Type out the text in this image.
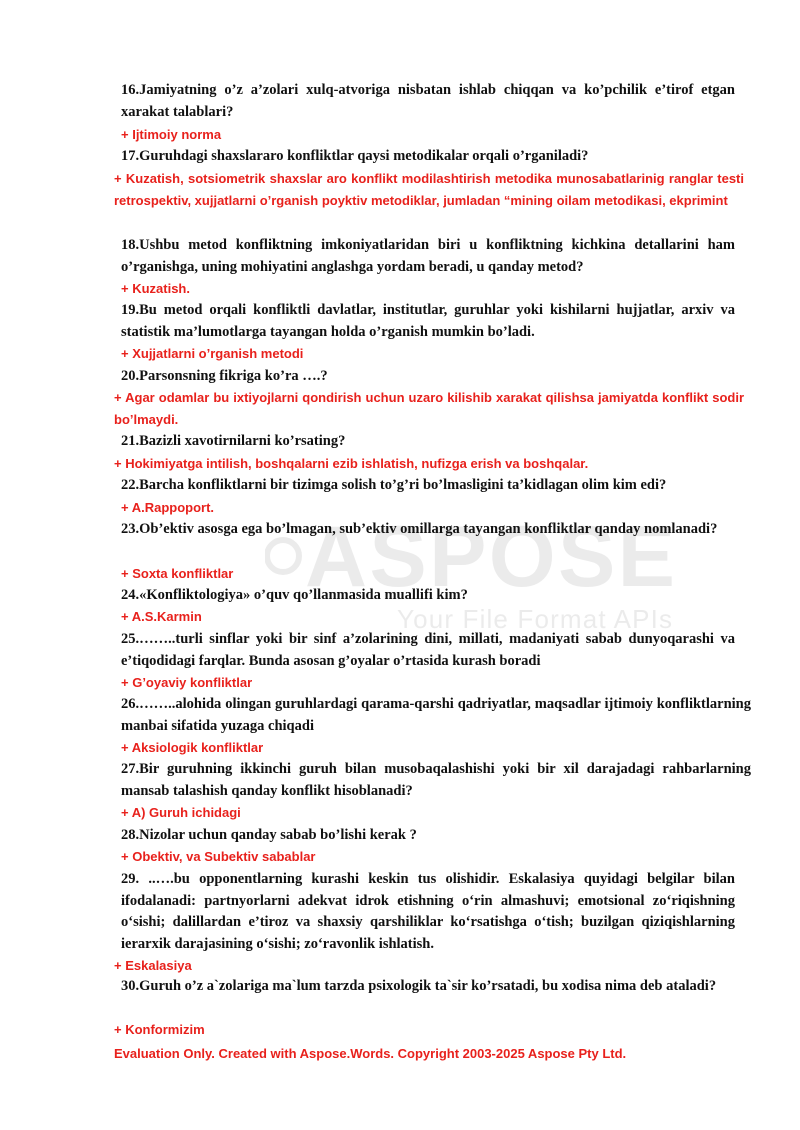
ASPOSE
Your File Format APIs
16.Jamiyatning o’z a’zolari xulq-atvoriga nisbatan ishlab chiqqan va ko’pchilik e’tirof etgan xarakat talablari?
+ Ijtimoiy norma
17.Guruhdagi shaxslararo konfliktlar qaysi metodikalar orqali o’rganiladi?
+ Kuzatish, sotsiometrik shaxslar aro konflikt modilashtirish metodika munosabatlarinig ranglar testi retrospektiv, xujjatlarni o’rganish poyktiv metodiklar, jumladan “mining oilam metodikasi, ekprimint
18.Ushbu metod konfliktning imkoniyatlaridan biri u konfliktning kichkina detallarini ham o’rganishga, uning mohiyatini anglashga yordam beradi, u qanday metod?
+ Kuzatish.
19.Bu metod orqali konfliktli davlatlar, institutlar, guruhlar yoki kishilarni hujjatlar, arxiv va statistik ma’lumotlarga tayangan holda o’rganish mumkin bo’ladi.
+ Xujjatlarni o’rganish metodi
20.Parsonsning fikriga ko’ra ….?
+ Agar odamlar bu ixtiyojlarni qondirish uchun uzaro kilishib xarakat qilishsa jamiyatda konflikt sodir bo’lmaydi.
21.Bazizli xavotirnilarni ko’rsating?
+ Hokimiyatga intilish, boshqalarni ezib ishlatish, nufizga erish va boshqalar.
22.Barcha konfliktlarni bir tizimga solish to’g’ri bo’lmasligini ta’kidlagan olim kim edi?
+ A.Rappoport.
23.Ob’ektiv asosga ega bo’lmagan, sub’ektiv omillarga tayangan konfliktlar qanday nomlanadi?
+ Soxta konfliktlar
24.«Konfliktologiya» o’quv qo’llanmasida muallifi kim?
+ A.S.Karmin
25.……..turli sinflar yoki bir sinf a’zolarining dini, millati, madaniyati sabab dunyoqarashi va e’tiqodidagi farqlar. Bunda asosan g’oyalar o’rtasida kurash boradi
+ G’oyaviy konfliktlar
26.……..alohida olingan guruhlardagi qarama-qarshi qadriyatlar, maqsadlar ijtimoiy konfliktlarning manbai sifatida yuzaga chiqadi
+ Aksiologik konfliktlar
27.Bir guruhning ikkinchi guruh bilan musobaqalashishi yoki bir xil darajadagi rahbarlarning mansab talashish qanday konflikt hisoblanadi?
+ A) Guruh ichidagi
28.Nizolar uchun qanday sabab bo’lishi kerak ?
+ Obektiv, va Subektiv sabablar
29. ..….bu opponentlarning kurashi keskin tus olishidir. Eskalasiya quyidagi belgilar bilan ifodalanadi: partnyorlarni adekvat idrok etishning o‘rin almashuvi; emotsional zo‘riqishning o‘sishi; dalillardan e’tiroz va shaxsiy qarshiliklar ko‘rsatishga o‘tish; buzilgan qiziqishlarning ierarxik darajasining o‘sishi; zo‘ravonlik ishlatish.
+ Eskalasiya
30.Guruh o’z a`zolariga ma`lum tarzda psixologik ta`sir ko’rsatadi, bu xodisa nima deb ataladi?
+ Konformizim
Evaluation Only. Created with Aspose.Words. Copyright 2003-2025 Aspose Pty Ltd.
